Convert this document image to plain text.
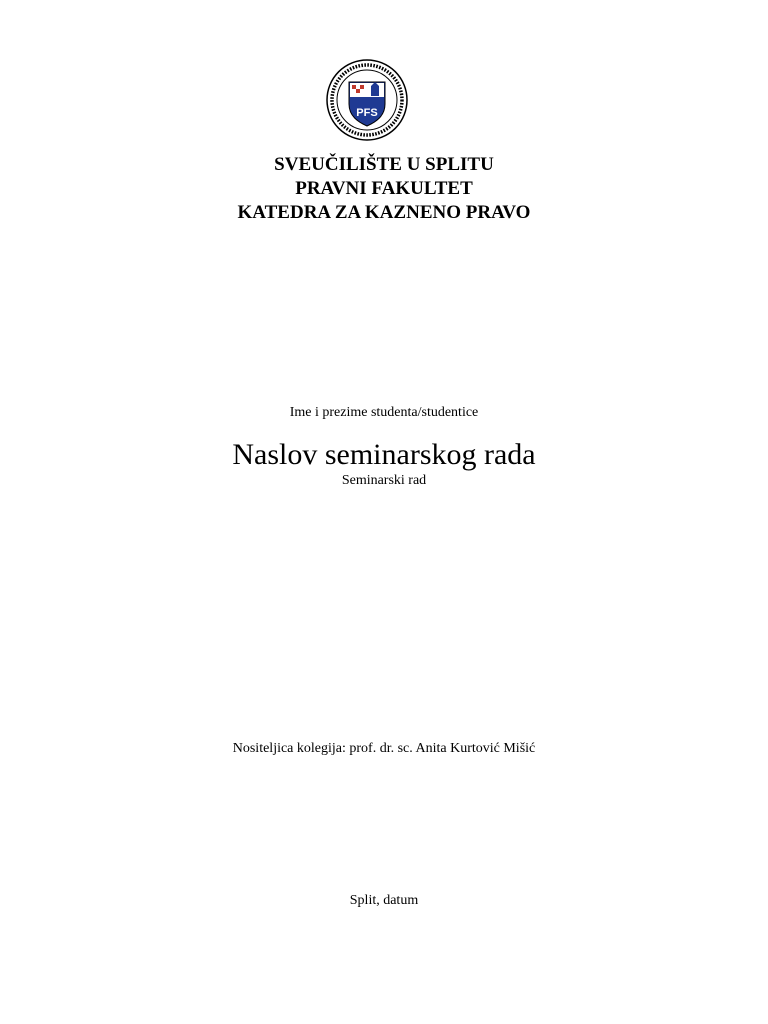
PFS
SVEUČILIŠTE U SPLITU
PRAVNI FAKULTET
KATEDRA ZA KAZNENO PRAVO
Ime i prezime studenta/studentice
Naslov seminarskog rada
Seminarski rad
Nositeljica kolegija: prof. dr. sc. Anita Kurtović Mišić
Split, datum
